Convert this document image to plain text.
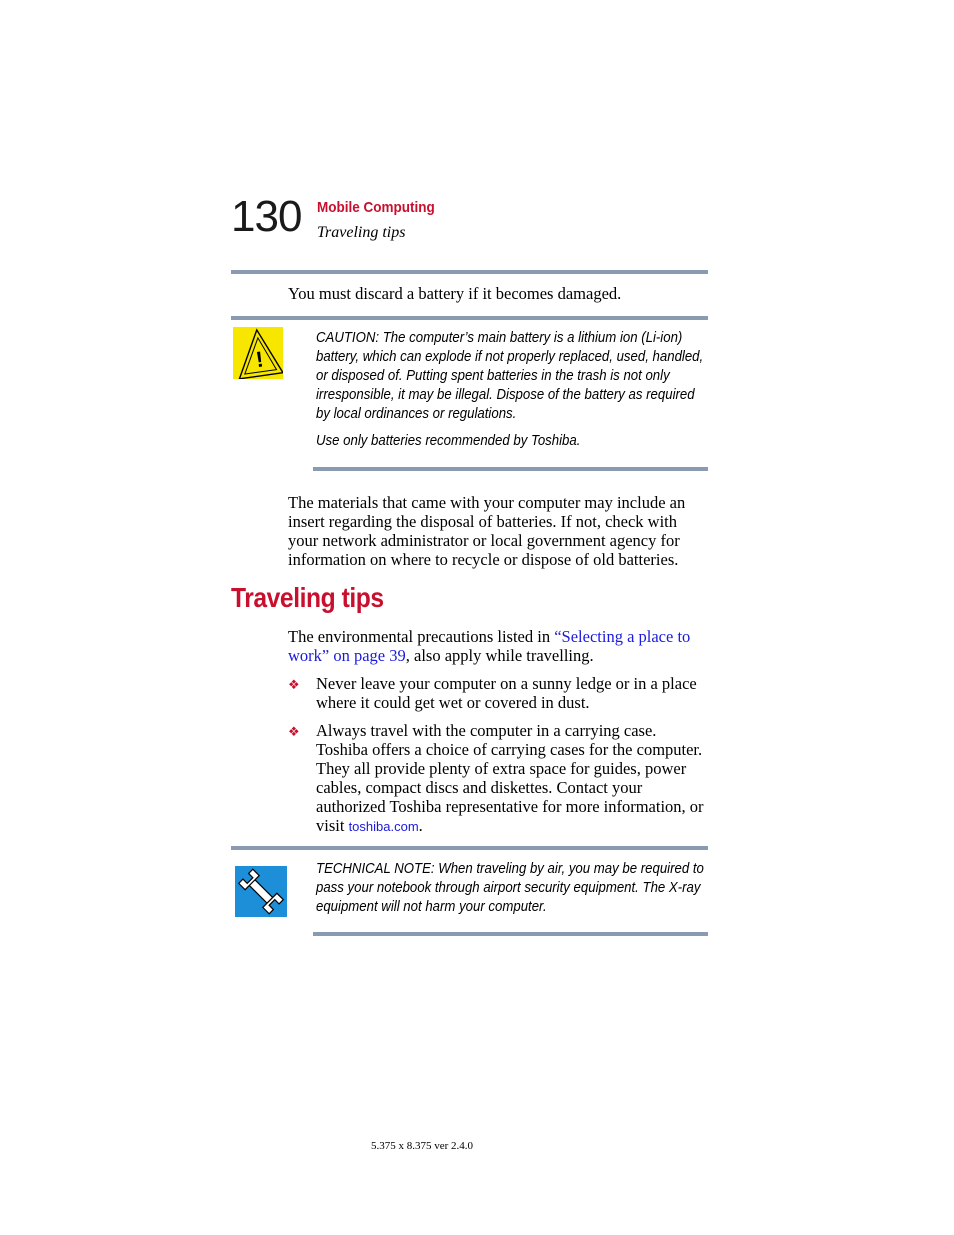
130 Mobile Computing
Traveling tips
You must discard a battery if it becomes damaged.
!
CAUTION: The computer’s main battery is a lithium ion (Li-ion) battery, which can explode if not properly replaced, used, handled, or disposed of. Putting spent batteries in the trash is not only irresponsible, it may be illegal. Dispose of the battery as required by local ordinances or regulations.
Use only batteries recommended by Toshiba.
The materials that came with your computer may include an insert regarding the disposal of batteries. If not, check with your network administrator or local government agency for information on where to recycle or dispose of old batteries.
Traveling tips
The environmental precautions listed in “Selecting a place to work” on page 39, also apply while travelling.
❖ Never leave your computer on a sunny ledge or in a place where it could get wet or covered in dust.
❖ Always travel with the computer in a carrying case. Toshiba offers a choice of carrying cases for the computer. They all provide plenty of extra space for guides, power cables, compact discs and diskettes. Contact your authorized Toshiba representative for more information, or visit toshiba.com.
TECHNICAL NOTE: When traveling by air, you may be required to pass your notebook through airport security equipment. The X-ray equipment will not harm your computer.
5.375 x 8.375 ver 2.4.0
